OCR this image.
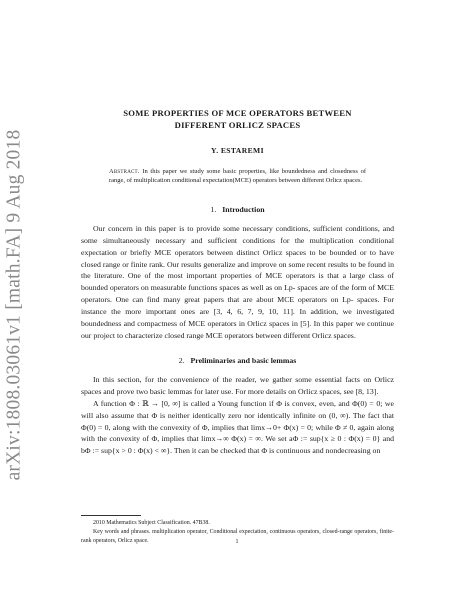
arXiv:1808.03061v1 [math.FA] 9 Aug 2018

SOME PROPERTIES OF MCE OPERATORS BETWEEN
DIFFERENT ORLICZ SPACES

Y. ESTAREMI

Abstract. In this paper we study some basic properties, like boundedness and closedness of range, of multiplication conditional expectation(MCE) operators between different Orlicz spaces.

1. Introduction

Our concern in this paper is to provide some necessary conditions, sufficient conditions, and some simultaneously necessary and sufficient conditions for the multiplication conditional expectation or briefly MCE operators between distinct Orlicz spaces to be bounded or to have closed range or finite rank. Our results generalize and improve on some recent results to be found in the literature. One of the most important properties of MCE operators is that a large class of bounded operators on measurable functions spaces as well as on Lp- spaces are of the form of MCE operators. One can find many great papers that are about MCE operators on Lp- spaces. For instance the more important ones are [3, 4, 6, 7, 9, 10, 11]. In addition, we investigated boundedness and compactness of MCE operators in Orlicz spaces in [5]. In this paper we continue our project to characterize closed range MCE operators between different Orlicz spaces.

2. Preliminaries and basic lemmas

In this section, for the convenience of the reader, we gather some essential facts on Orlicz spaces and prove two basic lemmas for later use. For more details on Orlicz spaces, see [8, 13].

A function Φ : ℝ → [0, ∞] is called a Young function if Φ is convex, even, and Φ(0) = 0; we will also assume that Φ is neither identically zero nor identically infinite on (0, ∞). The fact that Φ(0) = 0, along with the convexity of Φ, implies that limx→0+ Φ(x) = 0; while Φ ≠ 0, again along with the convexity of Φ, implies that limx→∞ Φ(x) = ∞. We set aΦ := sup{x ≥ 0 : Φ(x) = 0} and bΦ := sup{x > 0 : Φ(x) < ∞}. Then it can be checked that Φ is continuous and nondecreasing on

2010 Mathematics Subject Classification. 47B38.

Key words and phrases. multiplication operator, Conditional expectation, continuous operators, closed-range operators, finite-rank operators, Orlicz space.	1
